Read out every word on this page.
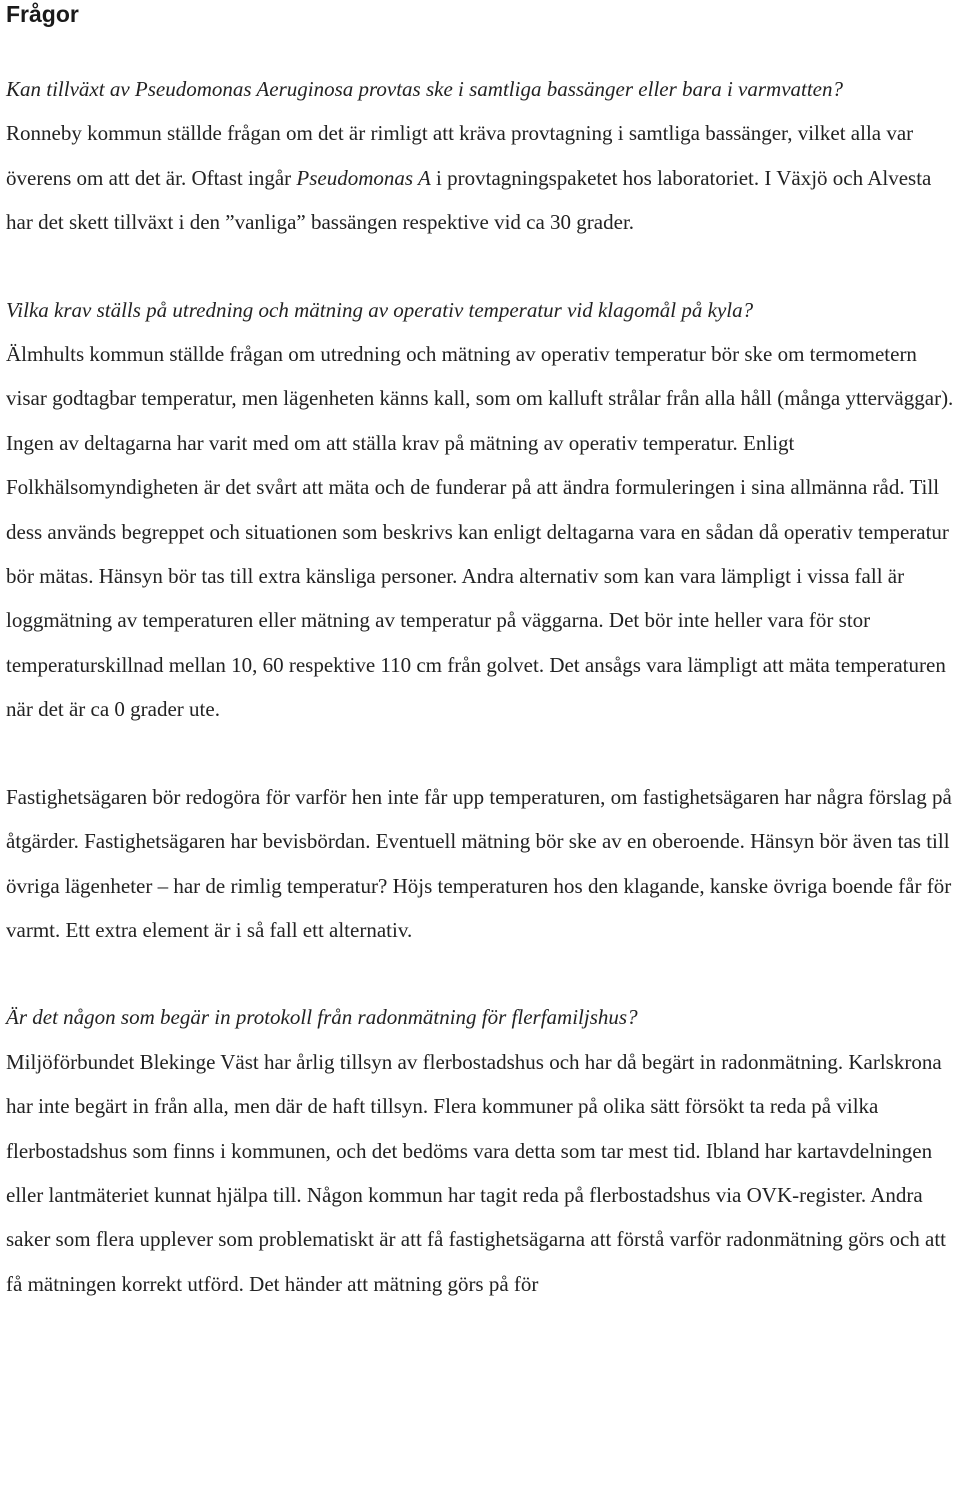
Frågor

Kan tillväxt av Pseudomonas Aeruginosa provtas ske i samtliga bassänger eller bara i varmvatten?

Ronneby kommun ställde frågan om det är rimligt att kräva provtagning i samtliga bassänger, vilket alla var överens om att det är. Oftast ingår Pseudomonas A i provtagningspaketet hos laboratoriet. I Växjö och Alvesta har det skett tillväxt i den ”vanliga” bassängen respektive vid ca 30 grader.

Vilka krav ställs på utredning och mätning av operativ temperatur vid klagomål på kyla?

Älmhults kommun ställde frågan om utredning och mätning av operativ temperatur bör ske om termometern visar godtagbar temperatur, men lägenheten känns kall, som om kalluft strålar från alla håll (många ytterväggar). Ingen av deltagarna har varit med om att ställa krav på mätning av operativ temperatur. Enligt Folkhälsomyndigheten är det svårt att mäta och de funderar på att ändra formuleringen i sina allmänna råd. Till dess används begreppet och situationen som beskrivs kan enligt deltagarna vara en sådan då operativ temperatur bör mätas. Hänsyn bör tas till extra känsliga personer. Andra alternativ som kan vara lämpligt i vissa fall är loggmätning av temperaturen eller mätning av temperatur på väggarna. Det bör inte heller vara för stor temperaturskillnad mellan 10, 60 respektive 110 cm från golvet. Det ansågs vara lämpligt att mäta temperaturen när det är ca 0 grader ute.

Fastighetsägaren bör redogöra för varför hen inte får upp temperaturen, om fastighetsägaren har några förslag på åtgärder. Fastighetsägaren har bevisbördan. Eventuell mätning bör ske av en oberoende. Hänsyn bör även tas till övriga lägenheter – har de rimlig temperatur? Höjs temperaturen hos den klagande, kanske övriga boende får för varmt. Ett extra element är i så fall ett alternativ.

Är det någon som begär in protokoll från radonmätning för flerfamiljshus?

Miljöförbundet Blekinge Väst har årlig tillsyn av flerbostadshus och har då begärt in radonmätning. Karlskrona har inte begärt in från alla, men där de haft tillsyn. Flera kommuner på olika sätt försökt ta reda på vilka flerbostadshus som finns i kommunen, och det bedöms vara detta som tar mest tid. Ibland har kartavdelningen eller lantmäteriet kunnat hjälpa till. Någon kommun har tagit reda på flerbostadshus via OVK-register. Andra saker som flera upplever som problematiskt är att få fastighetsägarna att förstå varför radonmätning görs och att få mätningen korrekt utförd. Det händer att mätning görs på för
